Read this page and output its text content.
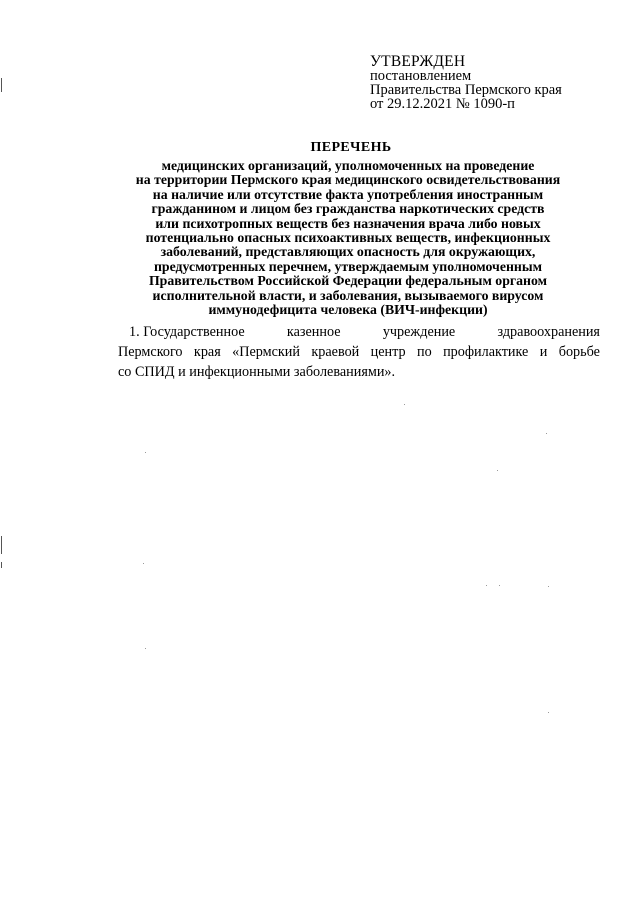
УТВЕРЖДЕН
постановлением
Правительства Пермского края
от 29.12.2021 № 1090-п
ПЕРЕЧЕНЬ
медицинских организаций, уполномоченных на проведение
на территории Пермского края медицинского освидетельствования
на наличие или отсутствие факта употребления иностранным
гражданином и лицом без гражданства наркотических средств
или психотропных веществ без назначения врача либо новых
потенциально опасных психоактивных веществ, инфекционных
заболеваний, представляющих опасность для окружающих,
предусмотренных перечнем, утверждаемым уполномоченным
Правительством Российской Федерации федеральным органом
исполнительной власти, и заболевания, вызываемого вирусом
иммунодефицита человека (ВИЧ-инфекции)
1. Государственное	казенное	учреждение	здравоохранения
Пермского края «Пермский краевой центр по профилактике и борьбе
со СПИД и инфекционными заболеваниями».
